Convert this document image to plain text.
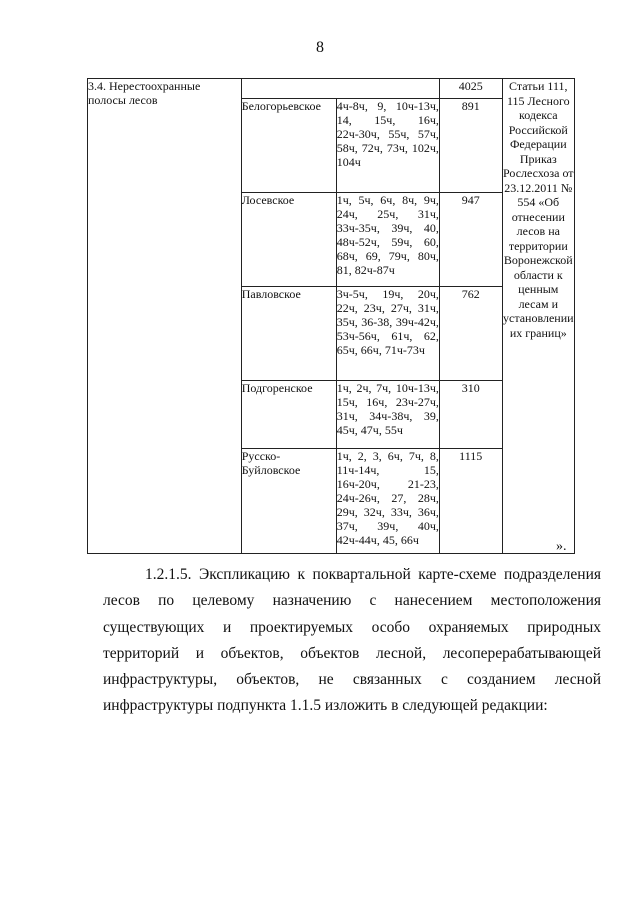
8
3.4. Нерестоохранные полосы лесов			4025	Статьи 111, 115 Лесного кодекса Российской Федерации Приказ Рослесхоза от 23.12.2011 № 554 «Об отнесении лесов на территории Воронежской области к ценным лесам и установлении их границ»
	Белогорьевское	4ч-8ч, 9, 10ч-13ч, 14, 15ч, 16ч, 22ч-30ч, 55ч, 57ч, 58ч, 72ч, 73ч, 102ч, 104ч	891	
	Лосевское	1ч, 5ч, 6ч, 8ч, 9ч, 24ч, 25ч, 31ч, 33ч-35ч, 39ч, 40, 48ч-52ч, 59ч, 60, 68ч, 69, 79ч, 80ч, 81, 82ч-87ч	947	
	Павловское	3ч-5ч, 19ч, 20ч, 22ч, 23ч, 27ч, 31ч, 35ч, 36-38, 39ч-42ч, 53ч-56ч, 61ч, 62, 65ч, 66ч, 71ч-73ч	762	
	Подгоренское	1ч, 2ч, 7ч, 10ч-13ч, 15ч, 16ч, 23ч-27ч, 31ч, 34ч-38ч, 39, 45ч, 47ч, 55ч	310	
	Русско-Буйловское	1ч, 2, 3, 6ч, 7ч, 8, 11ч-14ч, 15, 16ч-20ч, 21-23, 24ч-26ч, 27, 28ч, 29ч, 32ч, 33ч, 36ч, 37ч, 39ч, 40ч, 42ч-44ч, 45, 66ч	1115	
».
1.2.1.5. Экспликацию к поквартальной карте-схеме подразделения лесов по целевому назначению с нанесением местоположения существующих и проектируемых особо охраняемых природных территорий и объектов, объектов лесной, лесоперерабатывающей инфраструктуры, объектов, не связанных с созданием лесной инфраструктуры подпункта 1.1.5 изложить в следующей редакции:
